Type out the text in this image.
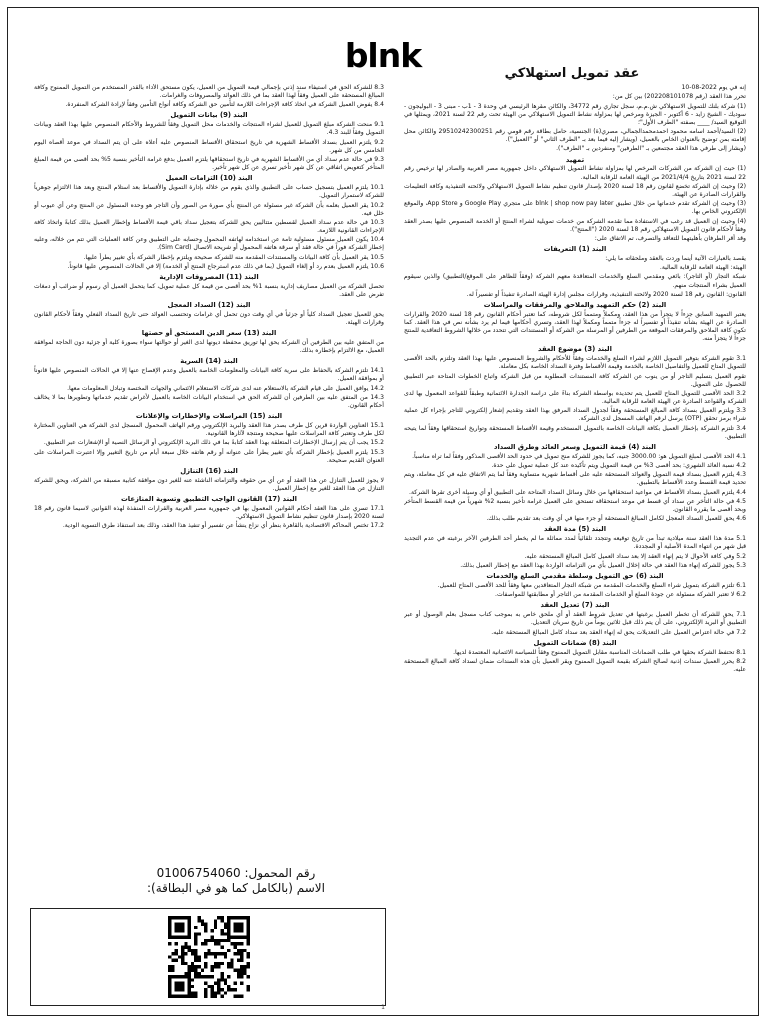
blnk	عقد تمويل استهلاكي

إنه في يوم 2022-08-10

تحرر هذا العقد (رقم 202208101078) بين كل من:

(1) شركة بلنك للتمويل الاستهلاكي ش.م.م، سجل تجاري رقم 34772، والكائن مقرها الرئيسي في وحدة 3 - 1ب - مبنى 3 - البوليجون - سوديك - الشيخ زايد - 6 أكتوبر - الجيزة ومرخص لها بمزاولة نشاط التمويل الاستهلاكي من الهيئة تحت رقم 22 لسنة 2021، ويمثلها في التوقيع السيد/ ____ بصفته "الطرف الأول"؛

(2) السيد/أحمد اسامه محمود احمدمحمدالجمالي، مصري(ة) الجنسية، حامل بطاقة رقم قومي رقم 29510242300251 والكائن محل إقامته بمن توضيح بالعنوان الخاص بالعميل، (ويشار إليه فيما بعد بـ "الطرف الثاني" أو "العميل").

(ويشار إلى طرفي هذا العقد مجتمعين بـ "الطرفين" ومنفردين بـ "الطرف").

تمهيد

(1) حيث إن الشركة من الشركات المرخص لها بمزاولة نشاط التمويل الاستهلاكي داخل جمهورية مصر العربية والصادر لها ترخيص رقم 22 لسنة 2021 بتاريخ 2021/4/4 من الهيئة العامة للرقابة المالية.

(2) وحيث إن الشركة تخضع لقانون رقم 18 لسنة 2020 بإصدار قانون تنظيم نشاط التمويل الاستهلاكي ولائحته التنفيذية وكافة التعليمات والقرارات الصادرة عن الهيئة.

(3) وحيث إن الشركة تقدم خدماتها من خلال تطبيق blnk | shop now pay later على متجري Google Play و App Store، والموقع الإلكتروني الخاص بها.

(4) وحيث إن العميل قد رغب في الاستفادة مما تقدمه الشركة من خدمات تمويلية لشراء المنتج أو الخدمة المنصوص عليها بصدر العقد وفقاً لأحكام قانون التمويل الاستهلاكي رقم 18 لسنة 2020 ("المنتج").

وقد أقر الطرفان بأهليتهما للتعاقد والتصرف، تم الاتفاق على:

البند (1) التعريفات

يقصد بالعبارات الآتية أينما وردت بالعقد وملحقاته ما يلي:

الهيئة: الهيئة العامة للرقابة المالية.

شبكة التجار (أو التاجر): بائعي ومقدمي السلع والخدمات المتعاقدة معهم الشركة (وفقاً للظاهر على الموقع/التطبيق) والذين سيقوم العميل بشراء المنتجات منهم.

القانون: القانون رقم 18 لسنة 2020 ولائحته التنفيذية، وقرارات مجلس إدارة الهيئة الصادرة تنفيذاً أو تفسيراً له.

البند (2) حكم التمهيد والملاحق والمرفقات والمراسلات

يعتبر التمهيد السابق جزءاً لا يتجزأ من هذا العقد، ومكملاً ومتمماً لكل شروطه، كما تعتبر أحكام القانون رقم 18 لسنة 2020 والقرارات الصادرة عن الهيئة بشأنه تنفيذاً أو تفسيراً له جزءاً متمماً ومكملاً لهذا العقد، وتسري أحكامها فيما لم يرد بشأنه نص في هذا العقد. كما تكون كافة الملاحق والمرفقات الموقعة من الطرفين أو المرسلة من الشركة أو المستندات التي تتحدد من خلالها الشروط التعاقدية للمنتج جزءاً لا يتجزأ منه.

البند (3) موضوع العقد

3.1 تقوم الشركة بتوفير التمويل اللازم لشراء السلع والخدمات وفقاً للأحكام والشروط المنصوص عليها بهذا العقد وتلتزم بالحد الأقصى للتمويل المتاح للعميل والتفاصيل الخاصة بالخدمة وقيمة الأقساط وفترة السداد الخاصة بكل معاملة.

تقوم العميل بتسليم التاجر أو من ينوب عن الشركة كافة المستندات المطلوبة من قبل الشركة واتباع الخطوات المتاحة عبر التطبيق للحصول على التمويل.

3.2 الحد الأقصى للتمويل المتاح للعميل يتم تحديده بواسطة الشركة بناءً على دراسة الجدارة الائتمانية وطبقاً للقواعد المعمول بها لدى الشركة والقواعد الصادرة عن الهيئة العامة للرقابة المالية.

3.3 ويلتزم العميل بسداد كافة المبالغ المستحقة وفقاً لجدول السداد المرفق بهذا العقد وتقديم إشعار إلكتروني للتاجر بإجراء كل عملية شراء برمز تحقق (OTP) يرسل لرقم الهاتف المسجل لدى الشركة.

3.4 تلتزم الشركة بإخطار العميل بكافة البيانات الخاصة بالتمويل المستخدم وقيمة الأقساط المستحقة وتواريخ استحقاقها وفقاً لما يتيحه التطبيق.

البند (4) قيمة التمويل وسعر العائد وطرق السداد

4.1 الحد الأقصى لمبلغ التمويل هو: 3000.00 جنيه، كما يجوز للشركة منح تمويل في حدود الحد الأقصى المذكور وفقاً لما تراه مناسباً.

4.2 نسبة العائد الشهري: بحد أقصى 3% من قيمة التمويل ويتم تأكيده عند كل عملية تمويل على حدة.

4.3 يلتزم العميل بسداد قيمة التمويل والعوائد المستحقة عليه على أقساط شهرية متساوية وفقاً لما يتم الاتفاق عليه في كل معاملة، ويتم تحديد قيمة القسط وعدد الأقساط بالتطبيق.

4.4 يلتزم العميل بسداد الأقساط في مواعيد استحقاقها من خلال وسائل السداد المتاحة على التطبيق أو أي وسيلة أخرى تقرها الشركة.

4.5 في حالة التأخر عن سداد أي قسط في موعد استحقاقه تستحق على العميل غرامة تأخير بنسبة 2% شهرياً من قيمة القسط المتأخر وبحد أقصى ما يقرره القانون.

4.6 يحق للعميل السداد المعجل لكامل المبالغ المستحقة أو جزء منها في أي وقت بعد تقديم طلب بذلك.

البند (5) مدة العقد

5.1 مدة هذا العقد سنة ميلادية تبدأ من تاريخ توقيعه وتتجدد تلقائياً لمدد مماثلة ما لم يخطر أحد الطرفين الآخر برغبته في عدم التجديد قبل شهر من انتهاء المدة الأصلية أو المجددة.

5.2 وفي كافة الأحوال لا يتم إنهاء العقد إلا بعد سداد العميل كامل المبالغ المستحقة عليه.

5.3 يجوز للشركة إنهاء هذا العقد في حالة إخلال العميل بأي من التزاماته الواردة بهذا العقد مع إخطار العميل بذلك.

البند (6) حق التمويل وسلطة مقدمي السلع والخدمات

6.1 تلتزم الشركة بتمويل شراء السلع والخدمات المقدمة من شبكة التجار المتعاقدين معها وفقاً للحد الأقصى المتاح للعميل.

6.2 لا تعتبر الشركة مسئولة عن جودة السلع أو الخدمات المقدمة من التاجر أو مطابقتها للمواصفات.

البند (7) تعديل العقد

7.1 يحق للشركة أن تخطر العميل برغبتها في تعديل شروط العقد أو أي ملحق خاص به بموجب كتاب مسجل بعلم الوصول أو عبر التطبيق أو البريد الإلكتروني، على أن يتم ذلك قبل ثلاثين يوماً من تاريخ سريان التعديل.

7.2 في حالة اعتراض العميل على التعديلات يحق له إنهاء العقد بعد سداد كامل المبالغ المستحقة عليه.

البند (8) ضمانات التمويل

8.1 تحتفظ الشركة بحقها في طلب الضمانات المناسبة مقابل التمويل الممنوح وفقاً للسياسة الائتمانية المعتمدة لديها.

8.2 يحرر العميل سندات إذنية لصالح الشركة بقيمة التمويل الممنوح ويقر العميل بأن هذه السندات ضمان لسداد كافة المبالغ المستحقة عليه.

8.3 للشركة الحق في استيفاء سند إذني بإجمالي قيمة التمويل من العميل، يكون مستحق الأداء بالقدر المستخدم من التمويل الممنوح وكافة المبالغ المستحقة على العميل وفقاً لهذا العقد بما في ذلك العوائد والمصروفات والغرامات.

8.4 يفوض العميل الشركة في اتخاذ كافة الإجراءات اللازمة لتأمين حق الشركة وكافة أنواع التأمين وفقاً لإرادة الشركة المنفردة.

البند (9) بيانات التمويل

9.1 منحت الشركة مبلغ التمويل للعميل لشراء المنتجات والخدمات محل التمويل وفقاً للشروط والأحكام المنصوص عليها بهذا العقد وبيانات التمويل وفقاً للبند 4.3.

9.2 يلتزم العميل بسداد الأقساط الشهرية في تاريخ استحقاق الأقساط المنصوص عليه أعلاه على أن يتم السداد في موعد أقصاه اليوم الخامس من كل شهر.

9.3 في حالة عدم سداد أي من الأقساط الشهرية في تاريخ استحقاقها يلتزم العميل بدفع غرامة التأخير بنسبة 5% بحد أقصى من قيمة المبلغ المتأخر كتعويض اتفاقي عن كل شهر تأخير تسري عن كل شهر تأخير.

البند (10) التزامات العميل

10.1 يلتزم العميل بتسجيل حساب على التطبيق والذي يقوم من خلاله بإدارة التمويل والأقساط بعد استلام المنتج وبعد هذا الالتزام جوهرياً للشركة لاستمرار التمويل.

10.2 يقر العميل بعلمه بأن الشركة غير مسئولة عن المنتج بأي صورة من الصور وأن التاجر هو وحده المسئول عن المنتج وعن أي عيوب أو خلل فيه.

10.3 في حالة عدم سداد العميل لقسطين متتاليين يحق للشركة بتعجيل سداد باقي قيمة الأقساط وإخطار العميل بذلك كتابةً واتخاذ كافة الإجراءات القانونية اللازمة.

10.4 يكون العميل مسئول مسئولية تامة عن استخدامه لهاتفه المحمول وحسابه على التطبيق وعن كافة العمليات التي تتم من خلاله، وعليه إخطار الشركة فوراً في حالة فقد أو سرقة هاتفه المحمول أو شريحة الاتصال (Sim Card).

10.5 يقر العميل بأن كافة البيانات والمستندات المقدمة منه للشركة صحيحة ويلتزم بإخطار الشركة بأي تغيير يطرأ عليها.

10.6 يلتزم العميل بعدم رد أو إلغاء التمويل (بما في ذلك عدم استرجاع المنتج أو الخدمة) إلا في الحالات المنصوص عليها قانوناً.

البند (11) المصروفات الإدارية

تحصل الشركة من العميل مصاريف إدارية بنسبة 1% بحد أقصى من قيمة كل عملية تمويل، كما يتحمل العميل أي رسوم أو ضرائب أو دمغات تفرض على العقد.

البند (12) السداد المعجل

يحق للعميل تعجيل السداد كلياً أو جزئياً في أي وقت دون تحمل أي غرامات وتحتسب العوائد حتى تاريخ السداد الفعلي وفقاً لأحكام القانون وقرارات الهيئة.

البند (13) سعر الدين المستحق أو حصتها

من المتفق عليه بين الطرفين أن الشركة يحق لها توريق محفظة ديونها لدى الغير أو حوالتها سواء بصورة كلية أو جزئية دون الحاجة لموافقة العميل، مع الالتزام بإخطاره بذلك.

البند (14) السرية

14.1 تلتزم الشركة بالحفاظ على سرية كافة البيانات والمعلومات الخاصة بالعميل وعدم الإفصاح عنها إلا في الحالات المنصوص عليها قانوناً أو بموافقة العميل.

14.2 يوافق العميل على قيام الشركة بالاستعلام عنه لدى شركات الاستعلام الائتماني والجهات المختصة وتبادل المعلومات معها.

14.3 من المتفق عليه بين الطرفين أن للشركة الحق في استخدام البيانات الخاصة بالعميل لأغراض تقديم خدماتها وتطويرها بما لا يخالف أحكام القانون.

البند (15) المراسلات والإخطارات والإعلانات

15.1 العناوين الواردة قرين كل طرف بصدر هذا العقد والبريد الإلكتروني ورقم الهاتف المحمول المسجل لدى الشركة هي العناوين المختارة لكل طرف وتعتبر كافة المراسلات عليها صحيحة ومنتجة لآثارها القانونية.

15.2 يجب أن يتم إرسال الإخطارات المتعلقة بهذا العقد كتابةً بما في ذلك البريد الإلكتروني أو الرسائل النصية أو الإشعارات عبر التطبيق.

15.3 يلتزم العميل بإخطار الشركة بأي تغيير يطرأ على عنوانه أو رقم هاتفه خلال سبعة أيام من تاريخ التغيير وإلا اعتبرت المراسلات على العنوان القديم صحيحة.

البند (16) التنازل

لا يجوز للعميل التنازل عن هذا العقد أو عن أي من حقوقه والتزاماته الناشئة عنه للغير دون موافقة كتابية مسبقة من الشركة، ويحق للشركة التنازل عن هذا العقد للغير مع إخطار العميل.

البند (17) القانون الواجب التطبيق وتسوية المنازعات

17.1 تسري على هذا العقد أحكام القوانين المعمول بها في جمهورية مصر العربية والقرارات المنفذة لهذه القوانين لاسيما قانون رقم 18 لسنة 2020 بإصدار قانون تنظيم نشاط التمويل الاستهلاكي.

17.2 تختص المحاكم الاقتصادية بالقاهرة بنظر أي نزاع ينشأ عن تفسير أو تنفيذ هذا العقد، وذلك بعد استنفاذ طرق التسوية الودية.

رقم المحمول: 01006754060
الاسم (بالكامل كما هو في البطاقة):
1
